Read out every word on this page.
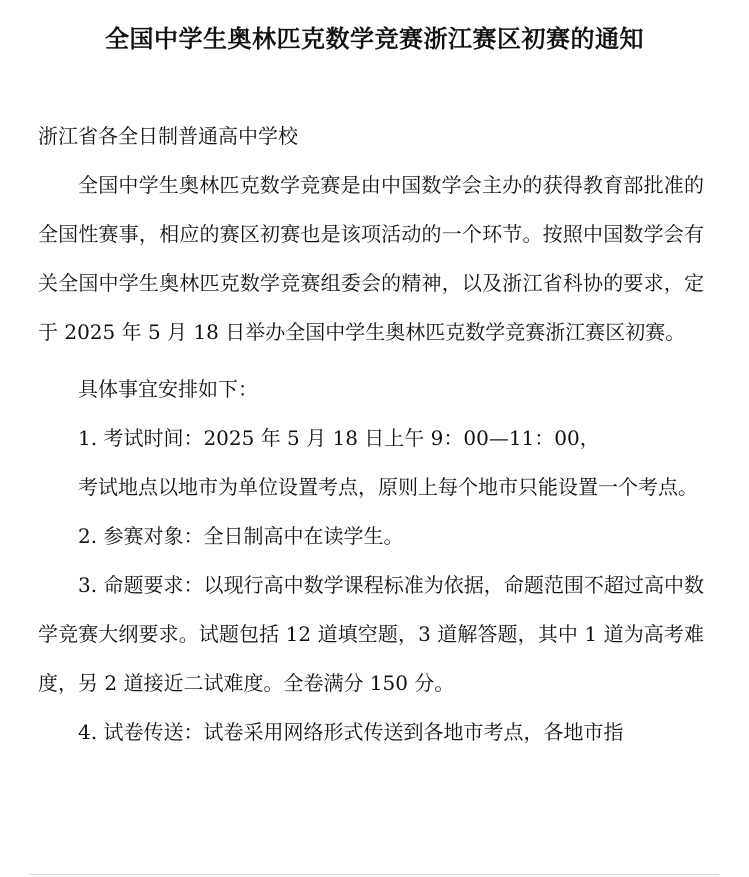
全国中学生奥林匹克数学竞赛浙江赛区初赛的通知

浙江省各全日制普通高中学校

全国中学生奥林匹克数学竞赛是由中国数学会主办的获得教育部批准的全国性赛事，相应的赛区初赛也是该项活动的一个环节。按照中国数学会有关全国中学生奥林匹克数学竞赛组委会的精神，以及浙江省科协的要求，定于 2025 年 5 月 18 日举办全国中学生奥林匹克数学竞赛浙江赛区初赛。

具体事宜安排如下：

1. 考试时间：2025 年 5 月 18 日上午 9：00—11：00，

考试地点以地市为单位设置考点，原则上每个地市只能设置一个考点。

2. 参赛对象：全日制高中在读学生。

3. 命题要求：以现行高中数学课程标准为依据，命题范围不超过高中数学竞赛大纲要求。试题包括 12 道填空题，3 道解答题，其中 1 道为高考难度，另 2 道接近二试难度。全卷满分 150 分。

4. 试卷传送：试卷采用网络形式传送到各地市考点，各地市指
